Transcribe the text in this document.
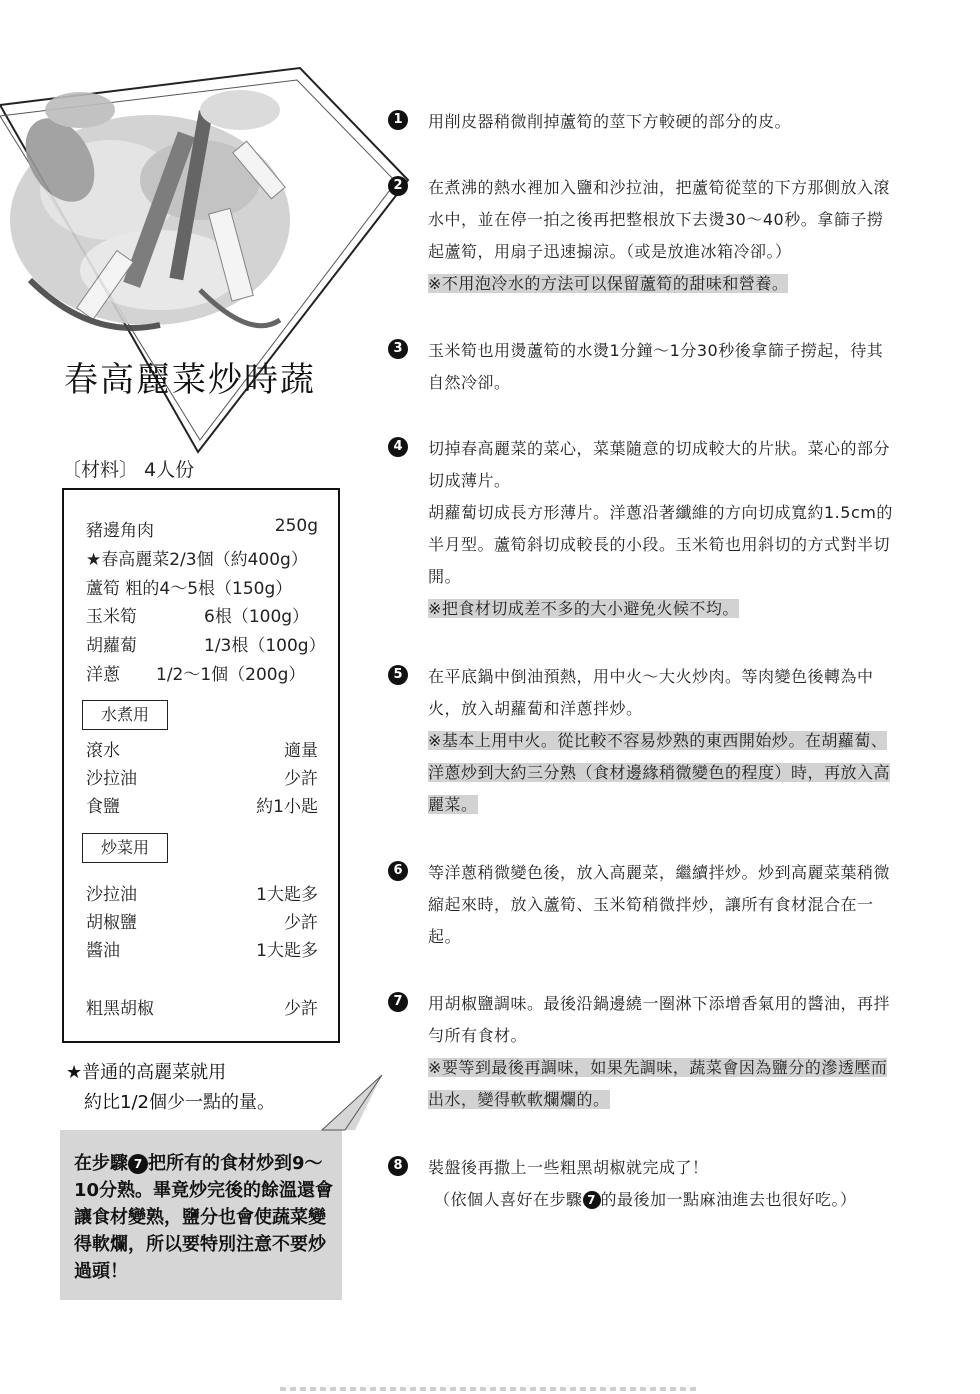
春高麗菜炒時蔬
〔材料〕 4人份
豬邊角肉	250g
★春高麗菜2/3個（約400g）
蘆筍 粗的4～5根（150g）
玉米筍	6根（100g）
胡蘿蔔	1/3根（100g）
洋蔥 1/2～1個（200g）
水煮用
滾水	適量
沙拉油	少許
食鹽	約1小匙
炒菜用
沙拉油	1大匙多
胡椒鹽	少許
醬油	1大匙多
粗黑胡椒	少許
★普通的高麗菜就用
約比1/2個少一點的量。
在步驟 7 把所有的食材炒到9～10分熟。畢竟炒完後的餘溫還會讓食材變熟，鹽分也會使蔬菜變得軟爛，所以要特別注意不要炒過頭！
1	用削皮器稍微削掉蘆筍的莖下方較硬的部分的皮。

2	在煮沸的熱水裡加入鹽和沙拉油，把蘆筍從莖的下方那側放入滾水中，並在停一拍之後再把整根放下去燙30～40秒。拿篩子撈起蘆筍，用扇子迅速搧涼。（或是放進冰箱冷卻。）

※不用泡冷水的方法可以保留蘆筍的甜味和營養。

3	玉米筍也用燙蘆筍的水燙1分鐘～1分30秒後拿篩子撈起，待其自然冷卻。

4	切掉春高麗菜的菜心，菜葉隨意的切成較大的片狀。菜心的部分切成薄片。

胡蘿蔔切成長方形薄片。洋蔥沿著纖維的方向切成寬約1.5cm的半月型。蘆筍斜切成較長的小段。玉米筍也用斜切的方式對半切開。

※把食材切成差不多的大小避免火候不均。

5	在平底鍋中倒油預熱，用中火～大火炒肉。等肉變色後轉為中火，放入胡蘿蔔和洋蔥拌炒。

※基本上用中火。從比較不容易炒熟的東西開始炒。在胡蘿蔔、洋蔥炒到大約三分熟（食材邊緣稍微變色的程度）時，再放入高麗菜。

6	等洋蔥稍微變色後，放入高麗菜，繼續拌炒。炒到高麗菜葉稍微縮起來時，放入蘆筍、玉米筍稍微拌炒，讓所有食材混合在一起。

7	用胡椒鹽調味。最後沿鍋邊繞一圈淋下添增香氣用的醬油，再拌勻所有食材。

※要等到最後再調味，如果先調味，蔬菜會因為鹽分的滲透壓而出水，變得軟軟爛爛的。

8	裝盤後再撒上一些粗黑胡椒就完成了！

（依個人喜好在步驟 7 的最後加一點麻油進去也很好吃。）
